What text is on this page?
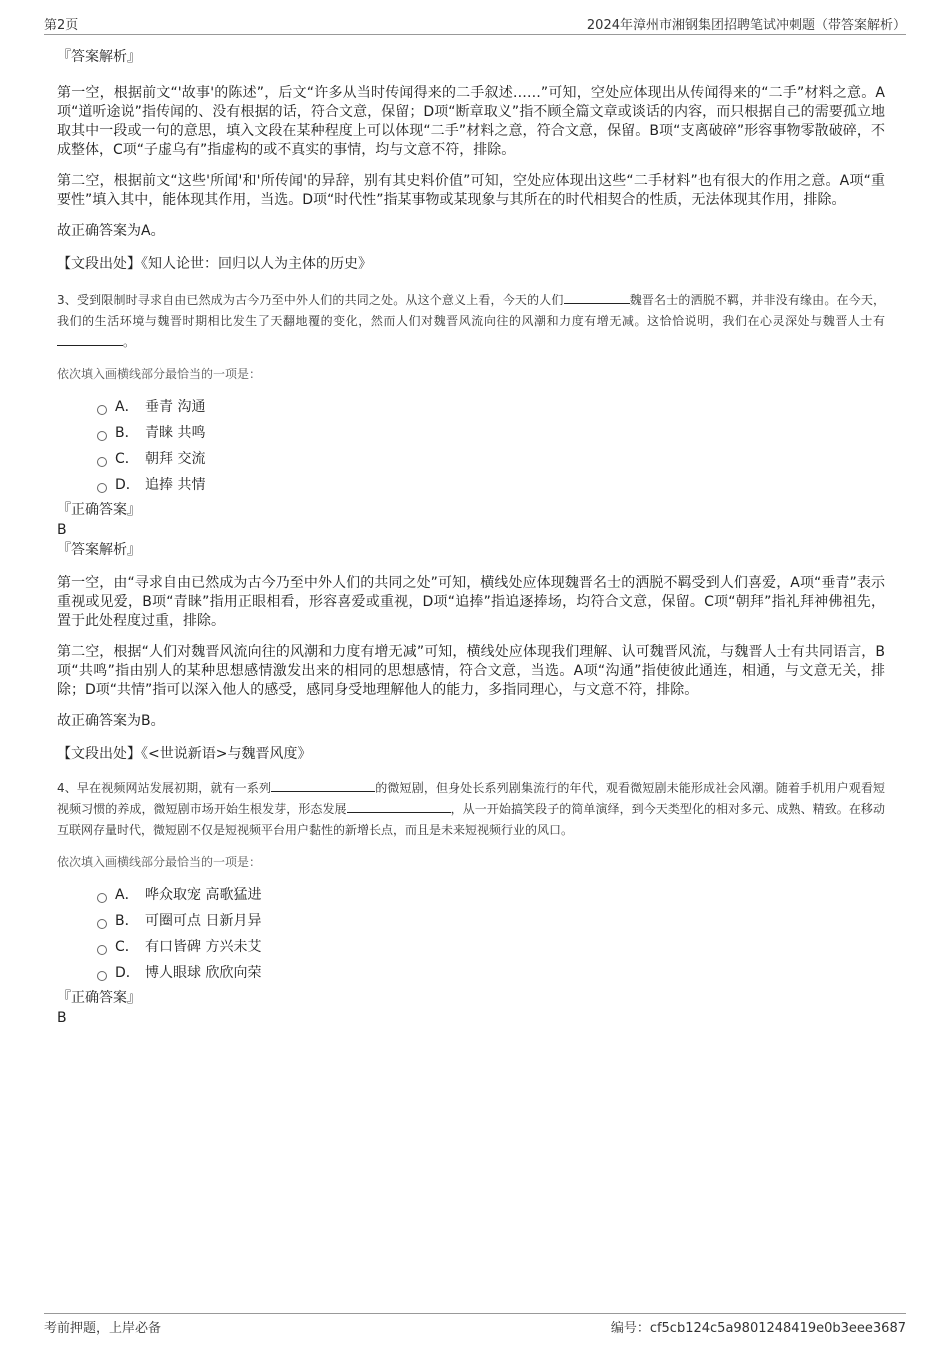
第2页	2024年漳州市湘钢集团招聘笔试冲刺题（带答案解析）

『答案解析』

第一空，根据前文“'故事'的陈述”，后文“许多从当时传闻得来的二手叙述……”可知，空处应体现出从传闻得来的“二手”材料之意。A项“道听途说”指传闻的、没有根据的话，符合文意，保留；D项“断章取义”指不顾全篇文章或谈话的内容，而只根据自己的需要孤立地取其中一段或一句的意思，填入文段在某种程度上可以体现“二手”材料之意，符合文意，保留。B项“支离破碎”形容事物零散破碎，不成整体，C项“子虚乌有”指虚构的或不真实的事情，均与文意不符，排除。

第二空，根据前文“这些'所闻'和'所传闻'的异辞，别有其史料价值”可知，空处应体现出这些“二手材料”也有很大的作用之意。A项“重要性”填入其中，能体现其作用，当选。D项“时代性”指某事物或某现象与其所在的时代相契合的性质，无法体现其作用，排除。

故正确答案为A。

【文段出处】《知人论世：回归以人为主体的历史》

3、受到限制时寻求自由已然成为古今乃至中外人们的共同之处。从这个意义上看，今天的人们	魏晋名士的洒脱不羁，并非没有缘由。在今天，我们的生活环境与魏晋时期相比发生了天翻地覆的变化，然而人们对魏晋风流向往的风潮和力度有增无减。这恰恰说明，我们在心灵深处与魏晋人士有。

依次填入画横线部分最恰当的一项是：

A． 垂青 沟通
B． 青睐 共鸣
C． 朝拜 交流
D． 追捧 共情

『正确答案』

B

『答案解析』

第一空，由“寻求自由已然成为古今乃至中外人们的共同之处”可知，横线处应体现魏晋名士的洒脱不羁受到人们喜爱，A项“垂青”表示重视或见爱，B项“青睐”指用正眼相看，形容喜爱或重视，D项“追捧”指追逐捧场，均符合文意，保留。C项“朝拜”指礼拜神佛祖先，置于此处程度过重，排除。

第二空，根据“人们对魏晋风流向往的风潮和力度有增无减”可知，横线处应体现我们理解、认可魏晋风流，与魏晋人士有共同语言，B项“共鸣”指由别人的某种思想感情激发出来的相同的思想感情，符合文意，当选。A项“沟通”指使彼此通连，相通，与文意无关，排除；D项“共情”指可以深入他人的感受，感同身受地理解他人的能力，多指同理心，与文意不符，排除。

故正确答案为B。

【文段出处】《<世说新语>与魏晋风度》

4、早在视频网站发展初期，就有一系列	的微短剧，但身处长系列剧集流行的年代，观看微短剧未能形成社会风潮。随着手机用户观看短视频习惯的养成，微短剧市场开始生根发芽，形态发展	，从一开始搞笑段子的简单演绎，到今天类型化的相对多元、成熟、精致。在移动互联网存量时代，微短剧不仅是短视频平台用户黏性的新增长点，而且是未来短视频行业的风口。

依次填入画横线部分最恰当的一项是：

A． 哗众取宠 高歌猛进
B． 可圈可点 日新月异
C． 有口皆碑 方兴未艾
D． 博人眼球 欣欣向荣

『正确答案』

B

考前押题，上岸必备	编号：cf5cb124c5a9801248419e0b3eee3687
